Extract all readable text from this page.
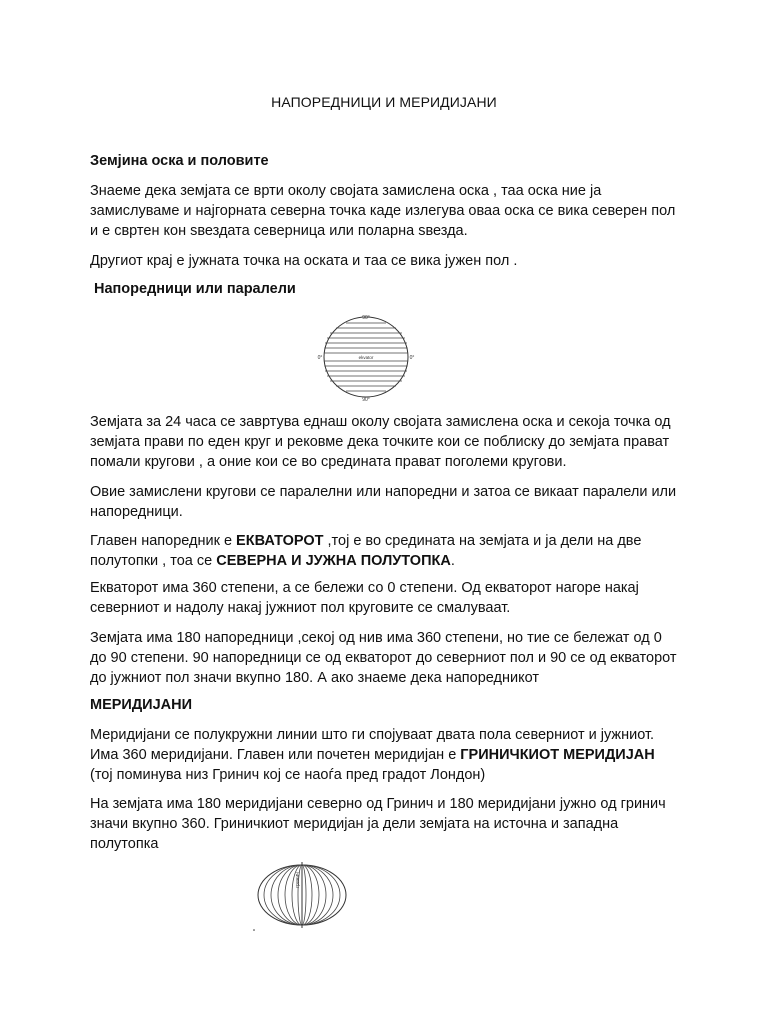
НАПОРЕДНИЦИ И МЕРИДИЈАНИ
Земјина оска и половите
Знаеме дека земјата се врти околу својата замислена оска , таа оска ние ја замислуваме и најгорната северна точка каде излегува оваа оска се вика северен пол и е свртен кон ѕвездата северница или поларна ѕвезда.
Другиот крај е јужната точка на оската и таа се вика јужен пол .
Напоредници или паралели
90°
90°
0°	0°
ekvator
Земјата за 24 часа се завртува еднаш околу својата замислена оска и секоја точка од земјата прави по еден круг и рековме дека точките кои се поблиску до земјата прават помали кругови , а оние кои се во средината прават поголеми кругови.
Овие замислени кругови се паралелни или напоредни и затоа се викаат паралели или напоредници.
Главен напоредник е ЕКВАТОРОТ ,тој е во средината на земјата и ја дели на две полутопки , тоа се СЕВЕРНА И ЈУЖНА ПОЛУТОПКА.
Екваторот има 360 степени, а се бележи со 0 степени. Од екваторот нагоре накај северниот и надолу накај јужниот пол круговите се смалуваат.
Земјата има 180 напоредници ,секој од нив има 360 степени, но тие се бележат од 0 до 90 степени. 90 напоредници се од екваторот до северниот пол и 90 се од екваторот до јужниот пол значи вкупно 180. А ако знаеме дека напоредникот
МЕРИДИЈАНИ
Меридијани се полукружни линии што ги спојуваат двата пола северниот и јужниот. Има 360 меридијани. Главен или почетен меридијан е ГРИНИЧКИОТ МЕРИДИЈАН (тој поминува низ Гринич кој се наоѓа пред градот Лондон)
На земјата има 180 меридијани северно од Гринич и 180 меридијани јужно од гринич значи вкупно 360. Гриничкиот меридијан ја дели земјата на источна и западна полутопка
гринич
